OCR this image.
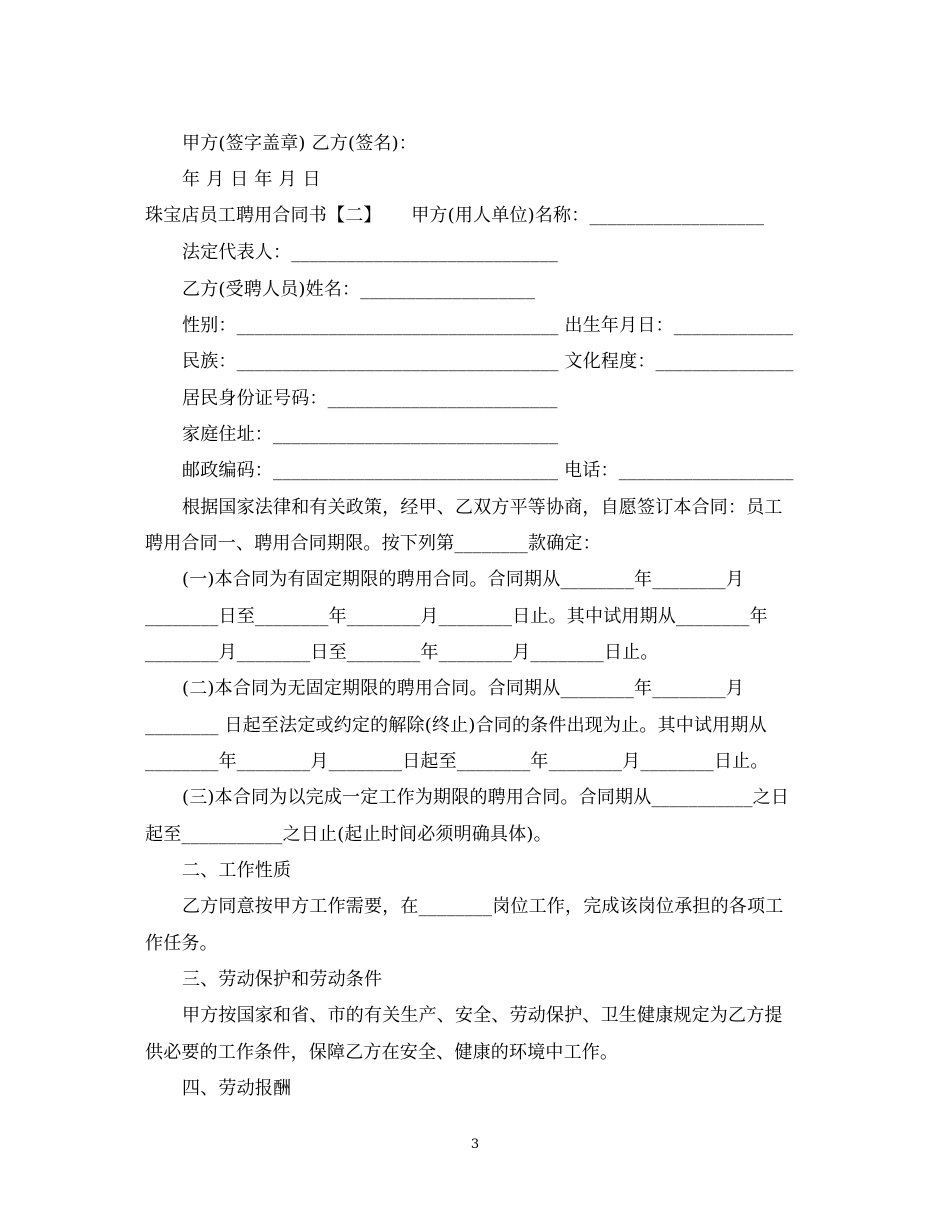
甲方(签字盖章) 乙方(签名)：
年 月 日 年 月 日
珠宝店员工聘用合同书【二】     甲方(用人单位)名称：___________________
法定代表人：_____________________________
乙方(受聘人员)姓名：___________________
性别：___________________________________ 出生年月日：_____________
民族：___________________________________ 文化程度：_______________
居民身份证号码：_________________________
家庭住址：_______________________________
邮政编码：_______________________________ 电话：___________________
根据国家法律和有关政策，经甲、乙双方平等协商，自愿签订本合同：员工
聘用合同一、聘用合同期限。按下列第________款确定：
(一)本合同为有固定期限的聘用合同。合同期从________年________月
________日至________年________月________日止。其中试用期从________年
________月________日至________年________月________日止。
(二)本合同为无固定期限的聘用合同。合同期从________年________月
________ 日起至法定或约定的解除(终止)合同的条件出现为止。其中试用期从
________年________月________日起至________年________月________日止。
(三)本合同为以完成一定工作为期限的聘用合同。合同期从___________之日
起至___________之日止(起止时间必须明确具体)。
二、工作性质
乙方同意按甲方工作需要，在________岗位工作，完成该岗位承担的各项工
作任务。
三、劳动保护和劳动条件
甲方按国家和省、市的有关生产、安全、劳动保护、卫生健康规定为乙方提
供必要的工作条件，保障乙方在安全、健康的环境中工作。
四、劳动报酬
3
